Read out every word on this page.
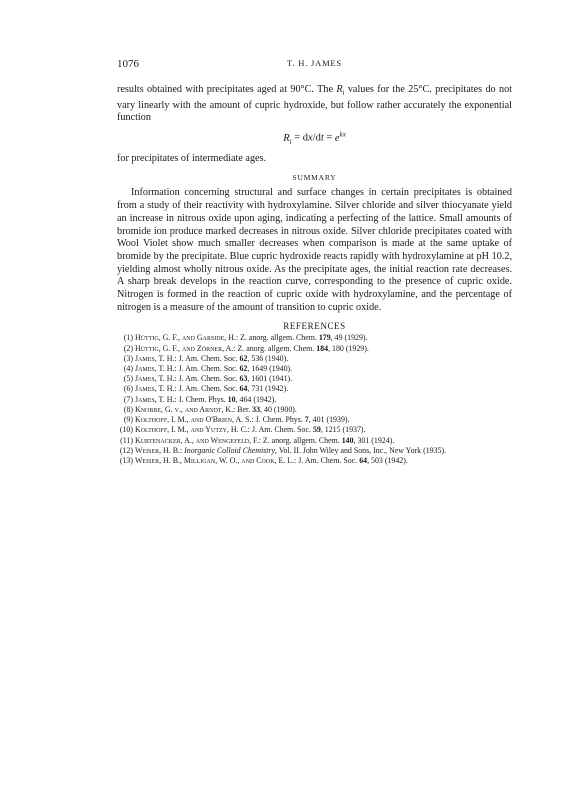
1076	T. H. JAMES

results obtained with precipitates aged at 90°C. The $R_i$ values for the 25°C. precipitates do not vary linearly with the amount of cupric hydroxide, but follow rather accurately the exponential function

$R_i = dx/dt = e^{kx}$

for precipitates of intermediate ages.

SUMMARY

Information concerning structural and surface changes in certain precipitates is obtained from a study of their reactivity with hydroxylamine. Silver chloride and silver thiocyanate yield an increase in nitrous oxide upon aging, indicating a perfecting of the lattice. Small amounts of bromide ion produce marked decreases in nitrous oxide. Silver chloride precipitates coated with Wool Violet show much smaller decreases when comparison is made at the same uptake of bromide by the precipitate. Blue cupric hydroxide reacts rapidly with hydroxylamine at pH 10.2, yielding almost wholly nitrous oxide. As the precipitate ages, the initial reaction rate decreases. A sharp break develops in the reaction curve, corresponding to the presence of cupric oxide. Nitrogen is formed in the reaction of cupric oxide with hydroxylamine, and the percentage of nitrogen is a measure of the amount of transition to cupric oxide.

REFERENCES
(1) Hüttig, G. F., and Garside, H.: Z. anorg. allgem. Chem. 179, 49 (1929).
(2) Hüttig, G. F., and Zörner, A.: Z. anorg. allgem. Chem. 184, 180 (1929).
(3) James, T. H.: J. Am. Chem. Soc. 62, 536 (1940).
(4) James, T. H.: J. Am. Chem. Soc. 62, 1649 (1940).
(5) James, T. H.: J. Am. Chem. Soc. 63, 1601 (1941).
(6) James, T. H.: J. Am. Chem. Soc. 64, 731 (1942).
(7) James, T. H.: J. Chem. Phys. 10, 464 (1942).
(8) Knobbe, G. v., and Arndt, K.: Ber. 33, 40 (1900).
(9) Kolthoff, I. M., and O'Brien, A. S.: J. Chem. Phys. 7, 401 (1939).
(10) Kolthoff, I. M., and Yutzy, H. C.: J. Am. Chem. Soc. 59, 1215 (1937).
(11) Kurtenacker, A., and Wengefeld, F.: Z. anorg. allgem. Chem. 140, 301 (1924).
(12) Weiser, H. B.: Inorganic Colloid Chemistry, Vol. II. John Wiley and Sons, Inc., New York (1935).
(13) Weiser, H. B., Milligan, W. O., and Cook, E. L.: J. Am. Chem. Soc. 64, 503 (1942).
